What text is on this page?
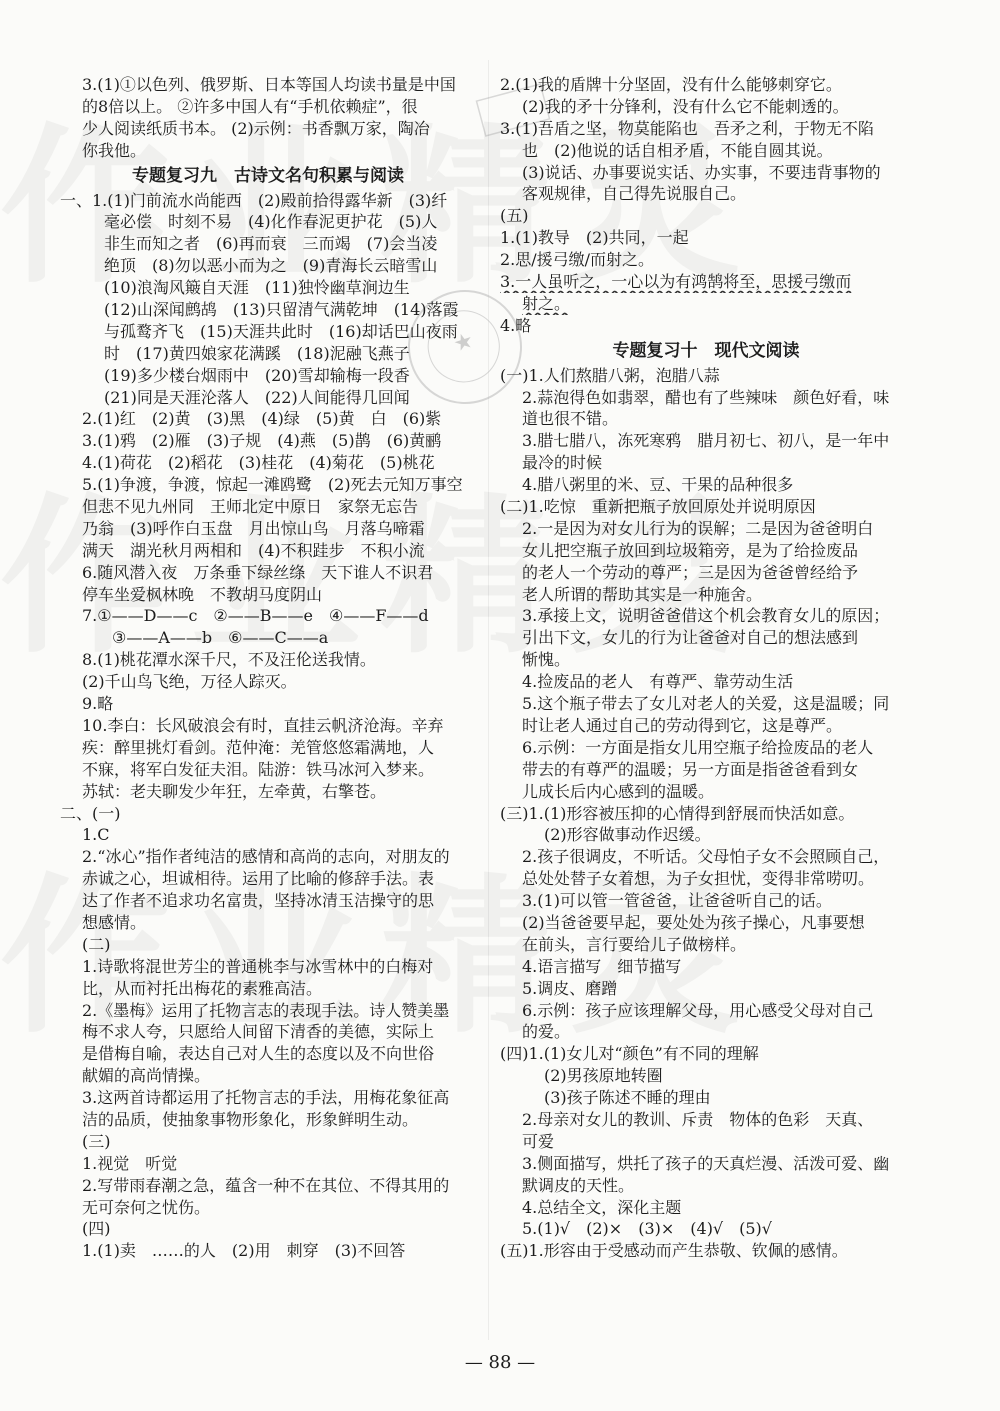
★
3.(1)①以色列、俄罗斯、日本等国人均读书量是中国
的8倍以上。 ②许多中国人有“手机依赖症”，很
少人阅读纸质书本。 (2)示例：书香飘万家，陶冶
你我他。
专题复习九　古诗文名句积累与阅读
一、1.(1)门前流水尚能西　(2)殿前拾得露华新　(3)纤
毫必偿　时刻不易　(4)化作春泥更护花　(5)人
非生而知之者　(6)再而衰　三而竭　(7)会当凌
绝顶　(8)勿以恶小而为之　(9)青海长云暗雪山
(10)浪淘风簸自天涯　(11)独怜幽草涧边生
(12)山深闻鹧鸪　(13)只留清气满乾坤　(14)落霞
与孤鹜齐飞　(15)天涯共此时　(16)却话巴山夜雨
时　(17)黄四娘家花满蹊　(18)泥融飞燕子
(19)多少楼台烟雨中　(20)雪却输梅一段香
(21)同是天涯沦落人　(22)人间能得几回闻
2.(1)红　(2)黄　(3)黑　(4)绿　(5)黄　白　(6)紫
3.(1)鸦　(2)雁　(3)子规　(4)燕　(5)鹊　(6)黄鹂
4.(1)荷花　(2)稻花　(3)桂花　(4)菊花　(5)桃花
5.(1)争渡，争渡，惊起一滩鸥鹭　(2)死去元知万事空
但悲不见九州同　王师北定中原日　家祭无忘告
乃翁　(3)呼作白玉盘　月出惊山鸟　月落乌啼霜
满天　湖光秋月两相和　(4)不积跬步　不积小流
6.随风潜入夜　万条垂下绿丝绦　天下谁人不识君
停车坐爱枫林晚　不教胡马度阴山
7.①——D——c　②——B——e　④——F——d
③——A——b　⑥——C——a
8.(1)桃花潭水深千尺，不及汪伦送我情。
(2)千山鸟飞绝，万径人踪灭。
9.略
10.李白：长风破浪会有时，直挂云帆济沧海。辛弃
疾：醉里挑灯看剑。范仲淹：羌管悠悠霜满地，人
不寐，将军白发征夫泪。陆游：铁马冰河入梦来。
苏轼：老夫聊发少年狂，左牵黄，右擎苍。
二、(一)
1.C
2.“冰心”指作者纯洁的感情和高尚的志向，对朋友的
赤诚之心，坦诚相待。运用了比喻的修辞手法。表
达了作者不追求功名富贵，坚持冰清玉洁操守的思
想感情。
(二)
1.诗歌将混世芳尘的普通桃李与冰雪林中的白梅对
比，从而衬托出梅花的素雅高洁。
2.《墨梅》运用了托物言志的表现手法。诗人赞美墨
梅不求人夸，只愿给人间留下清香的美德，实际上
是借梅自喻，表达自己对人生的态度以及不向世俗
献媚的高尚情操。
3.这两首诗都运用了托物言志的手法，用梅花象征高
洁的品质，使抽象事物形象化，形象鲜明生动。
(三)
1.视觉　听觉
2.写带雨春潮之急，蕴含一种不在其位、不得其用的
无可奈何之忧伤。
(四)
1.(1)卖　……的人　(2)用　刺穿　(3)不回答
2.(1)我的盾牌十分坚固，没有什么能够刺穿它。
(2)我的矛十分锋利，没有什么它不能刺透的。
3.(1)吾盾之坚，物莫能陷也　吾矛之利，于物无不陷
也　(2)他说的话自相矛盾，不能自圆其说。
(3)说话、办事要说实话、办实事，不要违背事物的
客观规律，自己得先说服自己。
(五)
1.(1)教导　(2)共同，一起
2.思/援弓缴/而射之。
3.一人虽听之，一心以为有鸿鹄将至，思援弓缴而
射之。
4.略
专题复习十　现代文阅读
(一)1.人们熬腊八粥，泡腊八蒜
2.蒜泡得色如翡翠，醋也有了些辣味　颜色好看，味
道也很不错。
3.腊七腊八，冻死寒鸦　腊月初七、初八，是一年中
最冷的时候
4.腊八粥里的米、豆、干果的品种很多
(二)1.吃惊　重新把瓶子放回原处并说明原因
2.一是因为对女儿行为的误解；二是因为爸爸明白
女儿把空瓶子放回到垃圾箱旁，是为了给捡废品
的老人一个劳动的尊严；三是因为爸爸曾经给予
老人所谓的帮助其实是一种施舍。
3.承接上文，说明爸爸借这个机会教育女儿的原因；
引出下文，女儿的行为让爸爸对自己的想法感到
惭愧。
4.捡废品的老人　有尊严、靠劳动生活
5.这个瓶子带去了女儿对老人的关爱，这是温暖；同
时让老人通过自己的劳动得到它，这是尊严。
6.示例：一方面是指女儿用空瓶子给捡废品的老人
带去的有尊严的温暖；另一方面是指爸爸看到女
儿成长后内心感到的温暖。
(三)1.(1)形容被压抑的心情得到舒展而快活如意。
(2)形容做事动作迟缓。
2.孩子很调皮，不听话。父母怕子女不会照顾自己，
总处处替子女着想，为子女担忧，变得非常唠叨。
3.(1)可以管一管爸爸，让爸爸听自己的话。
(2)当爸爸要早起，要处处为孩子操心，凡事要想
在前头，言行要给儿子做榜样。
4.语言描写　细节描写
5.调皮、磨蹭
6.示例：孩子应该理解父母，用心感受父母对自己
的爱。
(四)1.(1)女儿对“颜色”有不同的理解
(2)男孩原地转圈
(3)孩子陈述不睡的理由
2.母亲对女儿的教训、斥责　物体的色彩　天真、
可爱
3.侧面描写，烘托了孩子的天真烂漫、活泼可爱、幽
默调皮的天性。
4.总结全文，深化主题
5.(1)√　(2)×　(3)×　(4)√　(5)√
(五)1.形容由于受感动而产生恭敬、钦佩的感情。
— 88 —
